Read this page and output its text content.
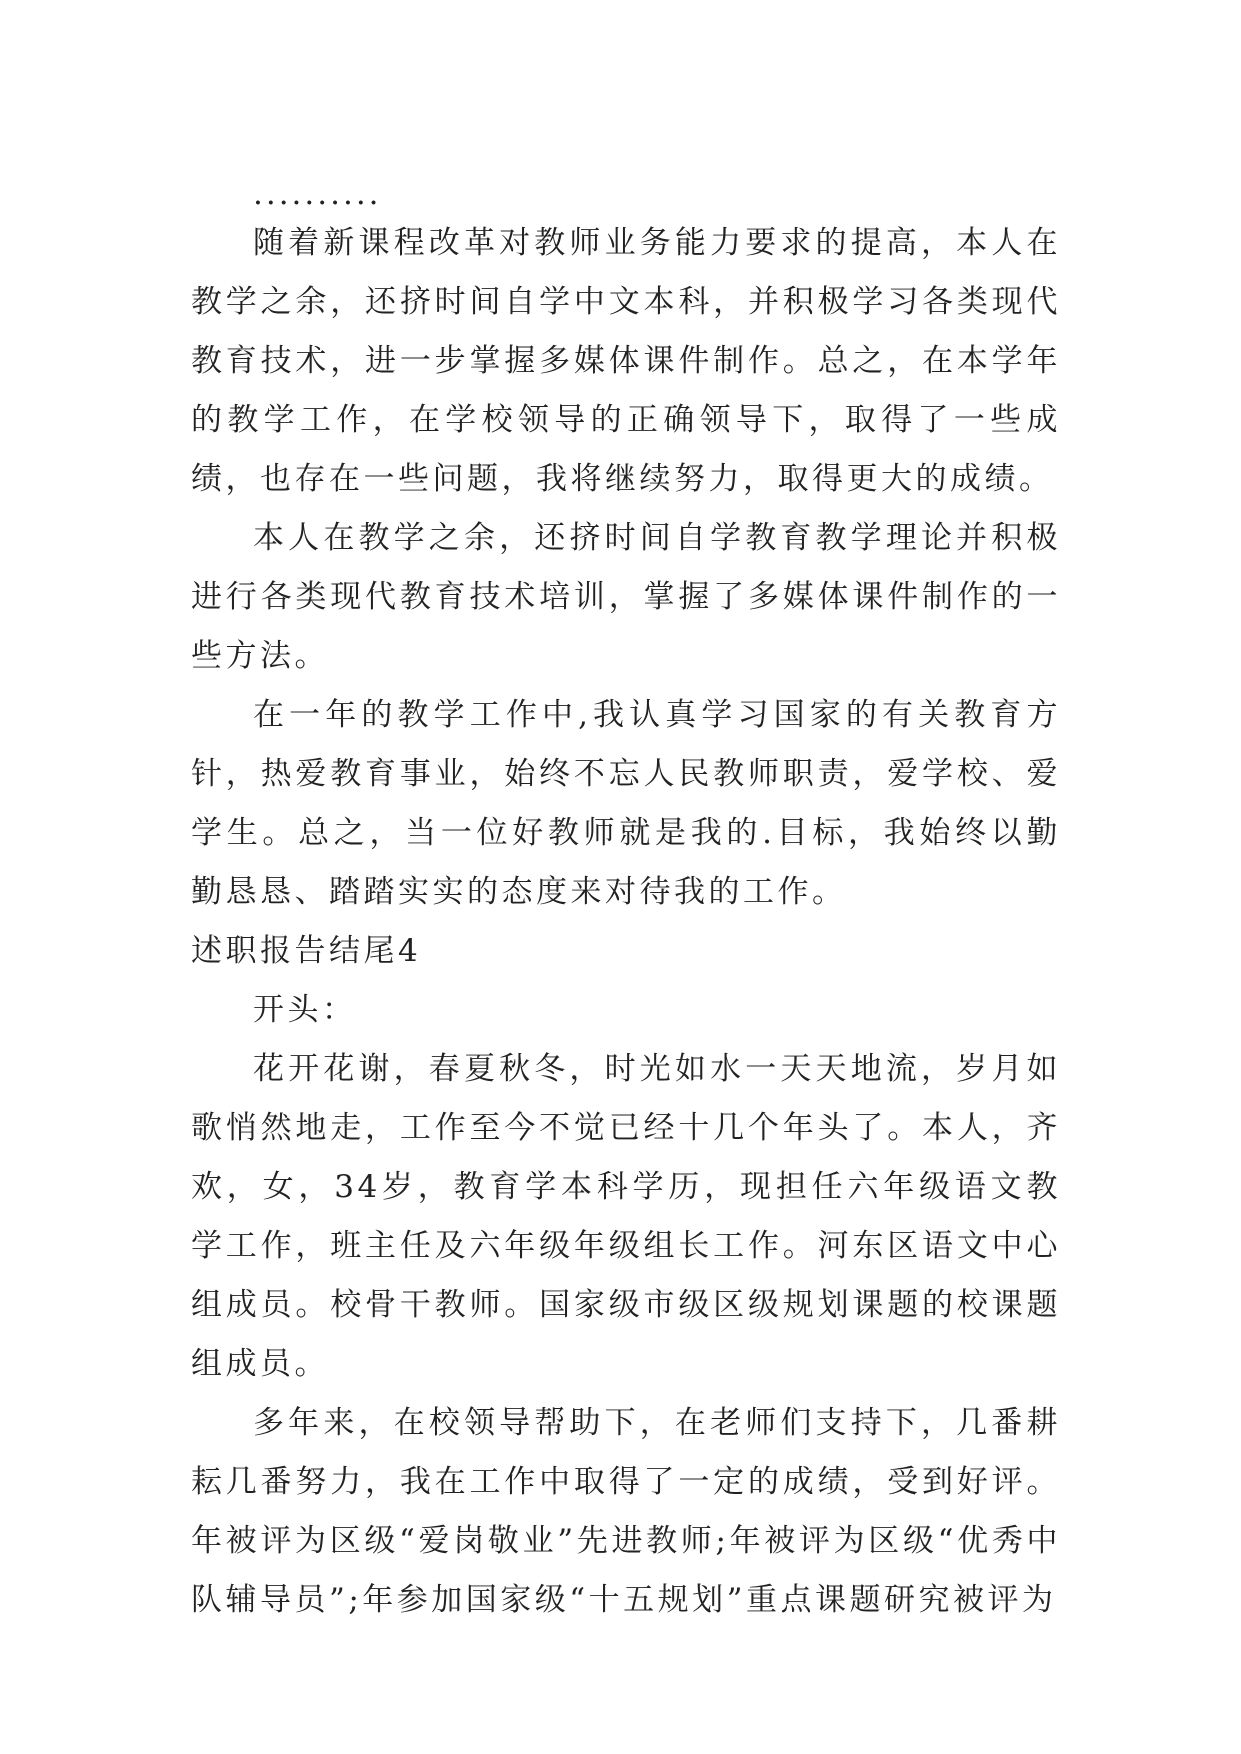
..........

随着新课程改革对教师业务能力要求的提高，本人在教学之余，还挤时间自学中文本科，并积极学习各类现代教育技术，进一步掌握多媒体课件制作。总之，在本学年的教学工作，在学校领导的正确领导下，取得了一些成绩，也存在一些问题，我将继续努力，取得更大的成绩。

本人在教学之余，还挤时间自学教育教学理论并积极进行各类现代教育技术培训，掌握了多媒体课件制作的一些方法。

在一年的教学工作中,我认真学习国家的有关教育方针，热爱教育事业，始终不忘人民教师职责，爱学校、爱学生。总之，当一位好教师就是我的.目标，我始终以勤勤恳恳、踏踏实实的态度来对待我的工作。

述职报告结尾4

开头：

花开花谢，春夏秋冬，时光如水一天天地流，岁月如歌悄然地走，工作至今不觉已经十几个年头了。本人，齐欢，女，34岁，教育学本科学历，现担任六年级语文教学工作，班主任及六年级年级组长工作。河东区语文中心组成员。校骨干教师。国家级市级区级规划课题的校课题组成员。

多年来，在校领导帮助下，在老师们支持下，几番耕耘几番努力，我在工作中取得了一定的成绩，受到好评。年被评为区级“爱岗敬业”先进教师;年被评为区级“优秀中队辅导员”;年参加国家级“十五规划”重点课题研究被评为
